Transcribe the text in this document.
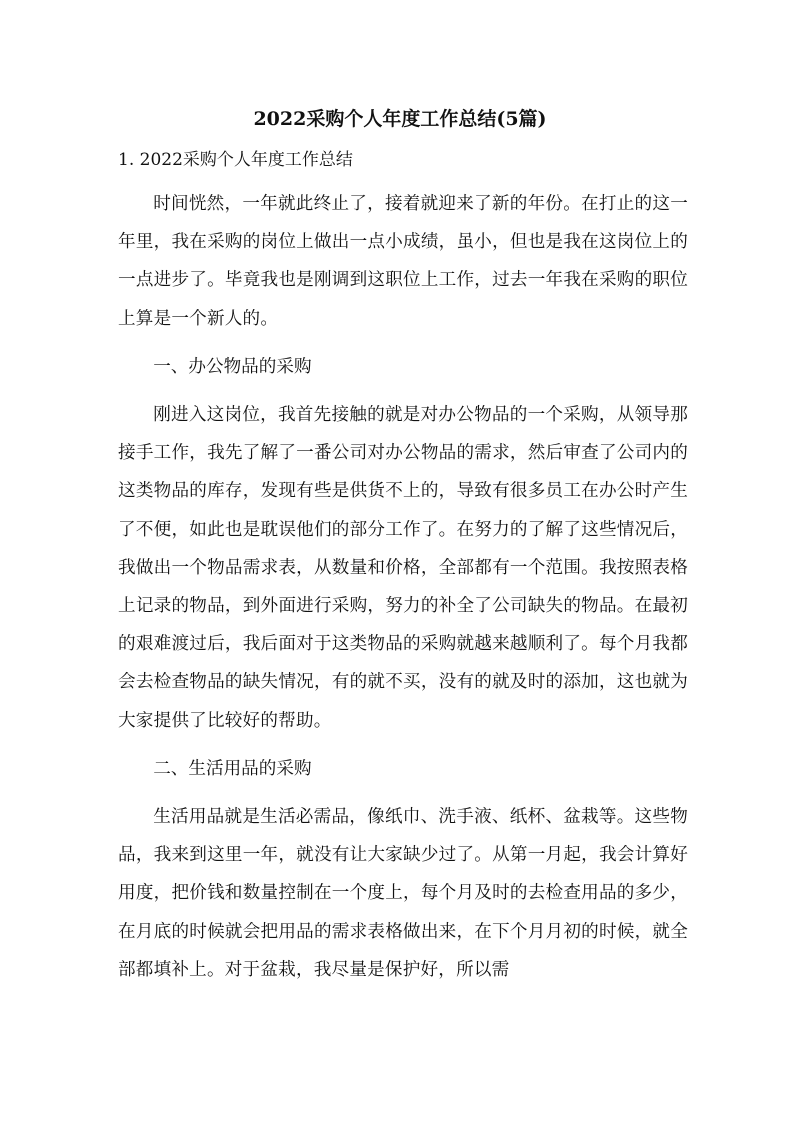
2022采购个人年度工作总结(5篇)

1. 2022采购个人年度工作总结

时间恍然，一年就此终止了，接着就迎来了新的年份。在打止的这一年里，我在采购的岗位上做出一点小成绩，虽小，但也是我在这岗位上的一点进步了。毕竟我也是刚调到这职位上工作，过去一年我在采购的职位上算是一个新人的。

一、办公物品的采购

刚进入这岗位，我首先接触的就是对办公物品的一个采购，从领导那接手工作，我先了解了一番公司对办公物品的需求，然后审查了公司内的这类物品的库存，发现有些是供货不上的，导致有很多员工在办公时产生了不便，如此也是耽误他们的部分工作了。在努力的了解了这些情况后，我做出一个物品需求表，从数量和价格，全部都有一个范围。我按照表格上记录的物品，到外面进行采购，努力的补全了公司缺失的物品。在最初的艰难渡过后，我后面对于这类物品的采购就越来越顺利了。每个月我都会去检查物品的缺失情况，有的就不买，没有的就及时的添加，这也就为大家提供了比较好的帮助。

二、生活用品的采购

生活用品就是生活必需品，像纸巾、洗手液、纸杯、盆栽等。这些物品，我来到这里一年，就没有让大家缺少过了。从第一月起，我会计算好用度，把价钱和数量控制在一个度上，每个月及时的去检查用品的多少，在月底的时候就会把用品的需求表格做出来，在下个月月初的时候，就全部都填补上。对于盆栽，我尽量是保护好，所以需
